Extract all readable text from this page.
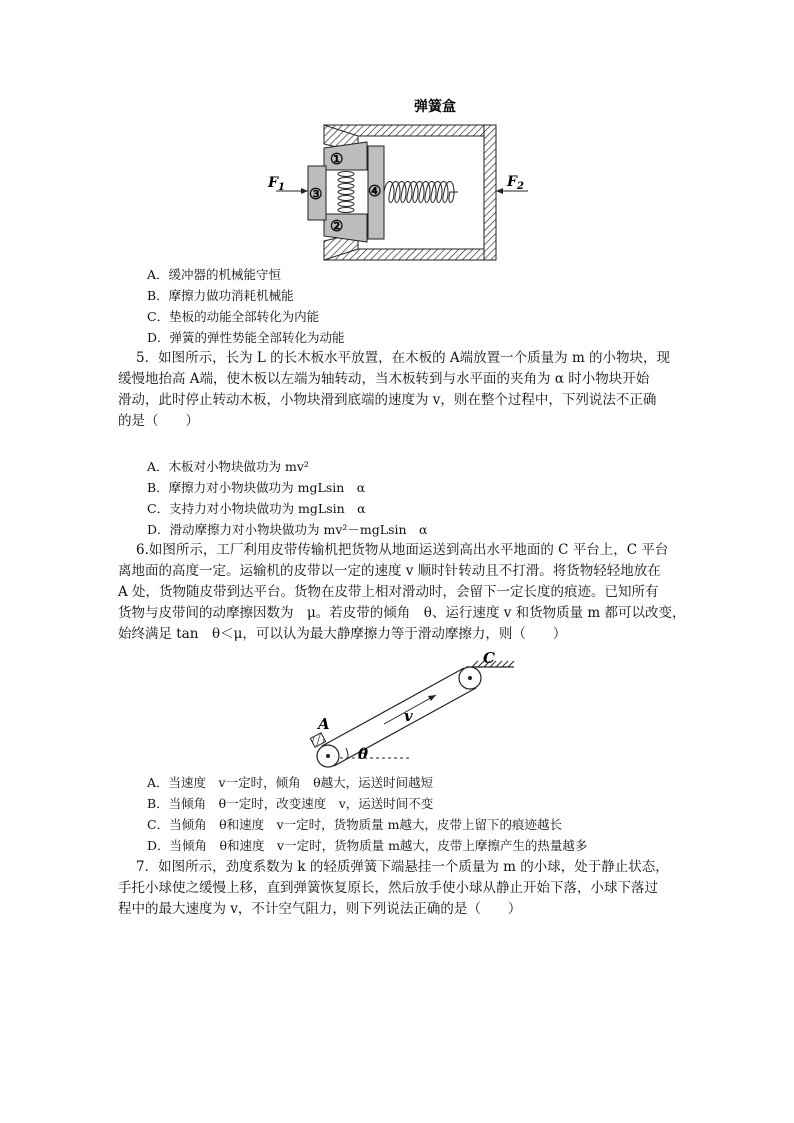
弹簧盒
①
②
③	④
$F_1$	$F_2$
A．缓冲器的机械能守恒
B．摩擦力做功消耗机械能
C．垫板的动能全部转化为内能
D．弹簧的弹性势能全部转化为动能

5．如图所示，长为 L 的长木板水平放置，在木板的 A端放置一个质量为 m 的小物块，现

缓慢地抬高 A端，使木板以左端为轴转动，当木板转到与水平面的夹角为 α 时小物块开始

滑动，此时停止转动木板，小物块滑到底端的速度为 v，则在整个过程中，下列说法不正确

的是（　　）

A．木板对小物块做功为 mv²
B．摩擦力对小物块做功为 mgLsin　α
C．支持力对小物块做功为 mgLsin　α
D．滑动摩擦力对小物块做功为 mv²－mgLsin　α

6.如图所示，工厂利用皮带传输机把货物从地面运送到高出水平地面的 C 平台上，C 平台

离地面的高度一定。运输机的皮带以一定的速度 v 顺时针转动且不打滑。将货物轻轻地放在

A 处，货物随皮带到达平台。货物在皮带上相对滑动时，会留下一定长度的痕迹。已知所有

货物与皮带间的动摩擦因数为　μ。若皮带的倾角　θ、运行速度 v 和货物质量 m 都可以改变，

始终满足 tan　θ＜μ，可以认为最大静摩擦力等于滑动摩擦力，则（　　）

A
C
v
θ
A．当速度　v一定时，倾角　θ越大，运送时间越短
B．当倾角　θ一定时，改变速度　v，运送时间不变
C．当倾角　θ和速度　v一定时，货物质量 m越大，皮带上留下的痕迹越长
D．当倾角　θ和速度　v一定时，货物质量 m越大，皮带上摩擦产生的热量越多

7．如图所示，劲度系数为 k 的轻质弹簧下端悬挂一个质量为 m 的小球，处于静止状态，

手托小球使之缓慢上移，直到弹簧恢复原长，然后放手使小球从静止开始下落，小球下落过

程中的最大速度为 v，不计空气阻力，则下列说法正确的是（　　）
